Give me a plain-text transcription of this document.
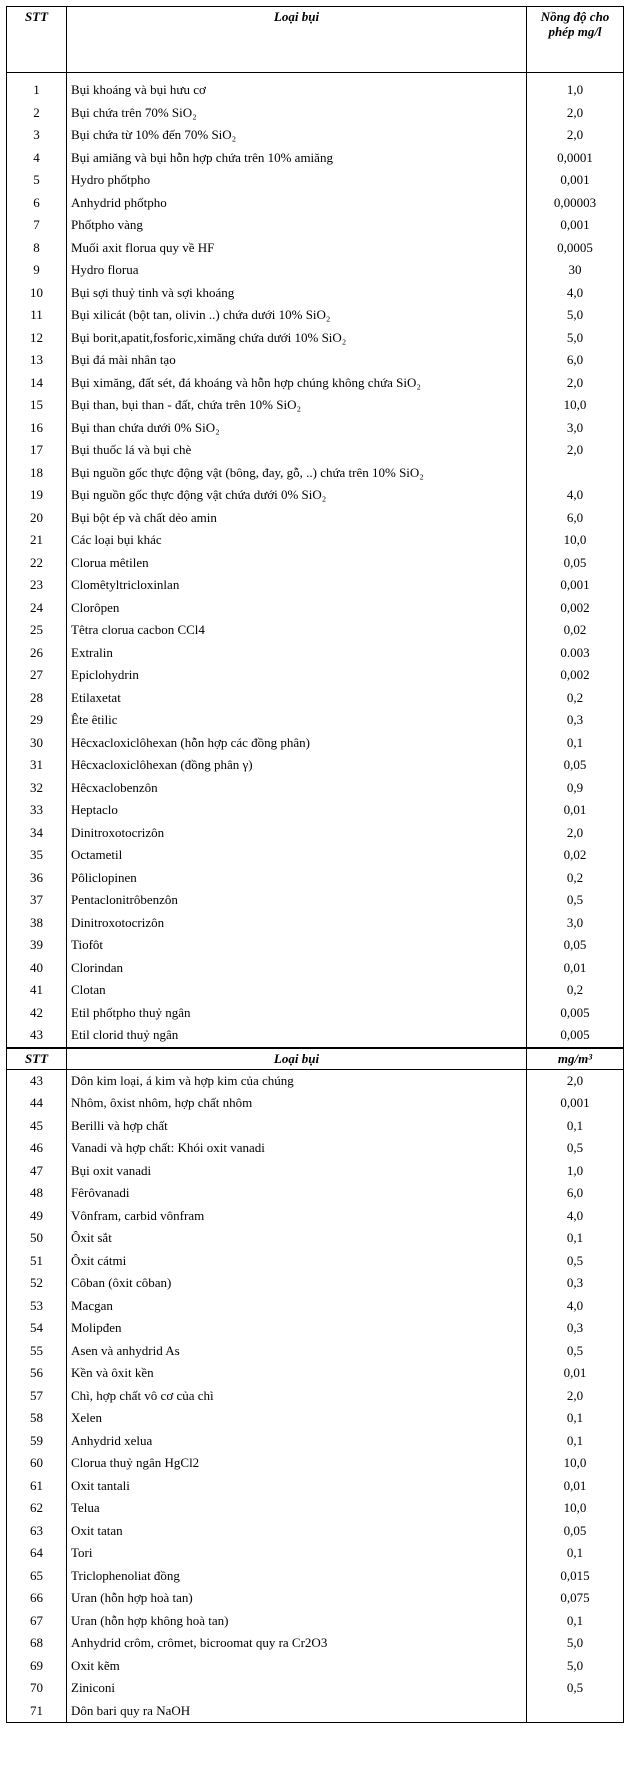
STT	Loại bụi	Nồng độ cho phép mg/l
1	Bụi khoáng và bụi hưu cơ	1,0
2	Bụi chứa trên 70% SiO₂	2,0
3	Bụi chứa từ 10% đến 70% SiO₂	2,0
4	Bụi amiăng và bụi hỗn hợp chứa trên 10% amiăng	0,0001
5	Hydro phốtpho	0,001
6	Anhydrid phốtpho	0,00003
7	Phốtpho vàng	0,001
8	Muối axit florua quy về HF	0,0005
9	Hydro florua	30
10	Bụi sợi thuỷ tinh và sợi khoáng	4,0
11	Bụi xilicát (bột tan, olivin ..) chứa dưới 10% SiO₂	5,0
12	Bụi borit,apatit,fosforic,ximăng chứa dưới 10% SiO₂	5,0
13	Bụi đá mài nhân tạo	6,0
14	Bụi ximăng, đất sét, đá khoáng và hỗn hợp chúng không chứa SiO₂	2,0
15	Bụi than, bụi than - đất, chứa trên 10% SiO₂	10,0
16	Bụi than chứa dưới 0% SiO₂	3,0
17	Bụi thuốc lá và bụi chè	2,0
18	Bụi nguồn gốc thực động vật (bông, đay, gỗ, ..) chứa trên 10% SiO₂	
19	Bụi nguồn gốc thực động vật chứa dưới 0% SiO₂	4,0
20	Bụi bột ép và chất dẻo amin	6,0
21	Các loại bụi khác	10,0
22	Clorua mêtilen	0,05
23	Clomêtyltricloxinlan	0,001
24	Clorôpen	0,002
25	Têtra clorua cacbon CCl4	0,02
26	Extralin	0.003
27	Epiclohydrin	0,002
28	Etilaxetat	0,2
29	Ête êtilic	0,3
30	Hêcxacloxiclôhexan (hỗn hợp các đồng phân)	0,1
31	Hêcxacloxiclôhexan (đồng phân γ)	0,05
32	Hêcxaclobenzôn	0,9
33	Heptaclo	0,01
34	Dinitroxotocrizôn	2,0
35	Octametil	0,02
36	Pôliclopinen	0,2
37	Pentaclonitrôbenzôn	0,5
38	Dinitroxotocrizôn	3,0
39	Tiofôt	0,05
40	Clorindan	0,01
41	Clotan	0,2
42	Etil phốtpho thuỷ ngân	0,005
43	Etil clorid thuỷ ngân	0,005
STT	Loại bụi	mg/m³
43	Dôn kim loại, á kim và hợp kim của chúng	2,0
44	Nhôm, ôxist nhôm, hợp chất nhôm	0,001
45	Berilli và hợp chất	0,1
46	Vanadi và hợp chất: Khói oxit vanadi	0,5
47	Bụi oxit vanadi	1,0
48	Fêrôvanadi	6,0
49	Vônfram, carbid vônfram	4,0
50	Ôxit sắt	0,1
51	Ôxit cátmi	0,5
52	Côban (ôxit côban)	0,3
53	Macgan	4,0
54	Molipđen	0,3
55	Asen và anhydrid As	0,5
56	Kền và ôxit kền	0,01
57	Chì, hợp chất vô cơ của chì	2,0
58	Xelen	0,1
59	Anhydrid xelua	0,1
60	Clorua thuỷ ngân HgCl2	10,0
61	Oxit tantali	0,01
62	Telua	10,0
63	Oxit tatan	0,05
64	Tori	0,1
65	Triclophenoliat đồng	0,015
66	Uran (hỗn hợp hoà tan)	0,075
67	Uran (hỗn hợp không hoà tan)	0,1
68	Anhydrid crôm, crômet, bicroomat quy ra Cr2O3	5,0
69	Oxit kẽm	5,0
70	Ziniconi	0,5
71	Dôn bari quy ra NaOH	
